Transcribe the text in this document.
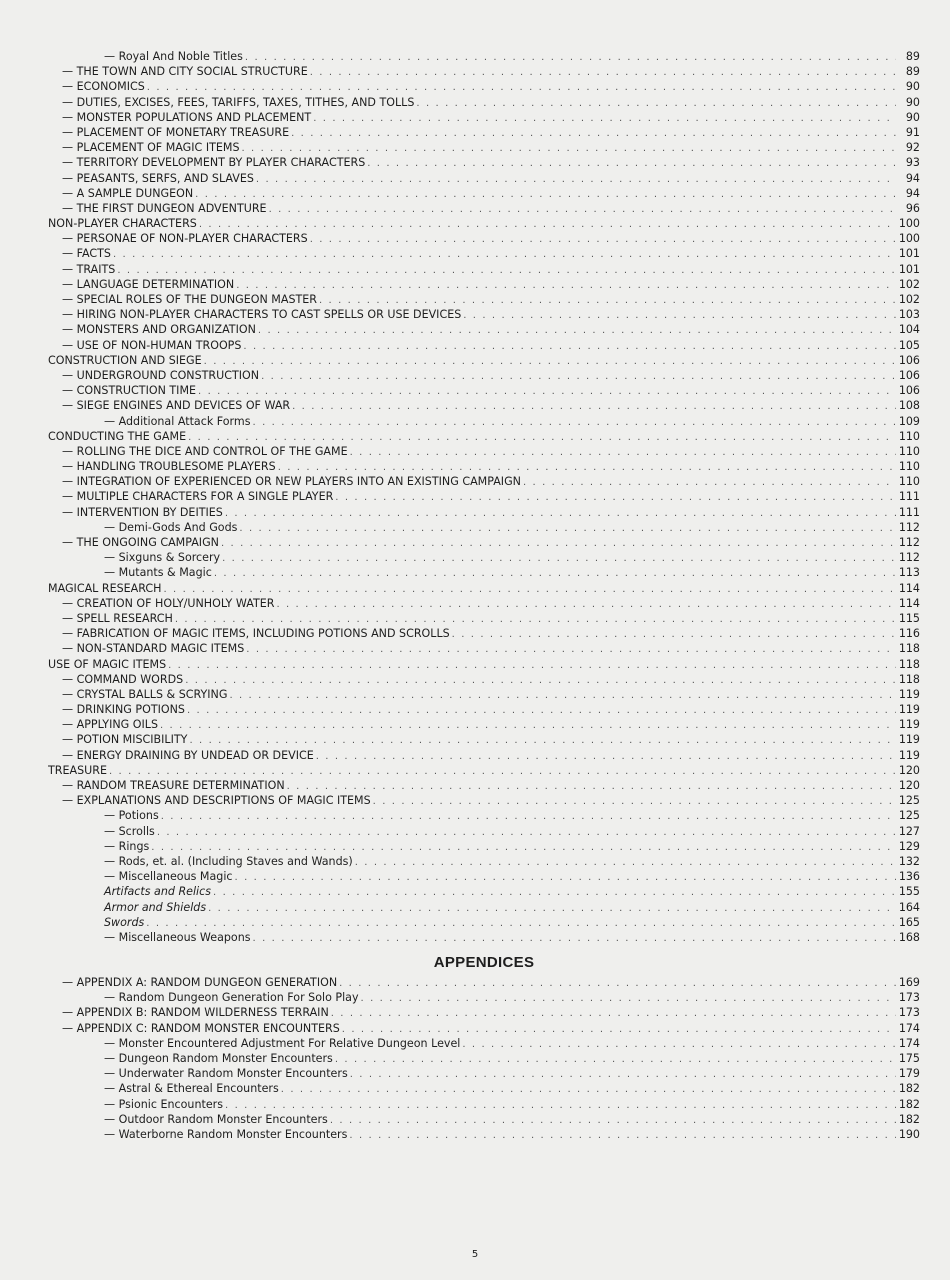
— Royal And Noble Titles . . .	89
— THE TOWN AND CITY SOCIAL STRUCTURE . . .	89
— ECONOMICS . . .	90
— DUTIES, EXCISES, FEES, TARIFFS, TAXES, TITHES, AND TOLLS . . .	90
— MONSTER POPULATIONS AND PLACEMENT . . .	90
— PLACEMENT OF MONETARY TREASURE . . .	91
— PLACEMENT OF MAGIC ITEMS . . .	92
— TERRITORY DEVELOPMENT BY PLAYER CHARACTERS . . .	93
— PEASANTS, SERFS, AND SLAVES . . .	94
— A SAMPLE DUNGEON . . .	94
— THE FIRST DUNGEON ADVENTURE . . .	96
NON-PLAYER CHARACTERS . . .	100
— PERSONAE OF NON-PLAYER CHARACTERS . . .	100
— FACTS . . .	101
— TRAITS . . .	101
— LANGUAGE DETERMINATION . . .	102
— SPECIAL ROLES OF THE DUNGEON MASTER . . .	102
— HIRING NON-PLAYER CHARACTERS TO CAST SPELLS OR USE DEVICES . . .	103
— MONSTERS AND ORGANIZATION . . .	104
— USE OF NON-HUMAN TROOPS . . .	105
CONSTRUCTION AND SIEGE . . .	106
— UNDERGROUND CONSTRUCTION . . .	106
— CONSTRUCTION TIME . . .	106
— SIEGE ENGINES AND DEVICES OF WAR . . .	108
— Additional Attack Forms . . .	109
CONDUCTING THE GAME . . .	110
— ROLLING THE DICE AND CONTROL OF THE GAME . . .	110
— HANDLING TROUBLESOME PLAYERS . . .	110
— INTEGRATION OF EXPERIENCED OR NEW PLAYERS INTO AN EXISTING CAMPAIGN . . .	110
— MULTIPLE CHARACTERS FOR A SINGLE PLAYER . . .	111
— INTERVENTION BY DEITIES . . .	111
— Demi-Gods And Gods . . .	112
— THE ONGOING CAMPAIGN . . .	112
— Sixguns & Sorcery . . .	112
— Mutants & Magic . . .	113
MAGICAL RESEARCH . . .	114
— CREATION OF HOLY/UNHOLY WATER . . .	114
— SPELL RESEARCH . . .	115
— FABRICATION OF MAGIC ITEMS, INCLUDING POTIONS AND SCROLLS . . .	116
— NON-STANDARD MAGIC ITEMS . . .	118
USE OF MAGIC ITEMS . . .	118
— COMMAND WORDS . . .	118
— CRYSTAL BALLS & SCRYING . . .	119
— DRINKING POTIONS . . .	119
— APPLYING OILS . . .	119
— POTION MISCIBILITY . . .	119
— ENERGY DRAINING BY UNDEAD OR DEVICE . . .	119
TREASURE . . .	120
— RANDOM TREASURE DETERMINATION . . .	120
— EXPLANATIONS AND DESCRIPTIONS OF MAGIC ITEMS . . .	125
— Potions . . .	125
— Scrolls . . .	127
— Rings . . .	129
— Rods, et. al. (Including Staves and Wands) . . .	132
— Miscellaneous Magic . . .	136
Artifacts and Relics . . .	155
Armor and Shields . . .	164
Swords . . .	165
— Miscellaneous Weapons . . .	168
APPENDICES
— APPENDIX A: RANDOM DUNGEON GENERATION . . .	169
— Random Dungeon Generation For Solo Play . . .	173
— APPENDIX B: RANDOM WILDERNESS TERRAIN . . .	173
— APPENDIX C: RANDOM MONSTER ENCOUNTERS . . .	174
— Monster Encountered Adjustment For Relative Dungeon Level . . .	174
— Dungeon Random Monster Encounters . . .	175
— Underwater Random Monster Encounters . . .	179
— Astral & Ethereal Encounters . . .	182
— Psionic Encounters . . .	182
— Outdoor Random Monster Encounters . . .	182
— Waterborne Random Monster Encounters . . .	190
5
